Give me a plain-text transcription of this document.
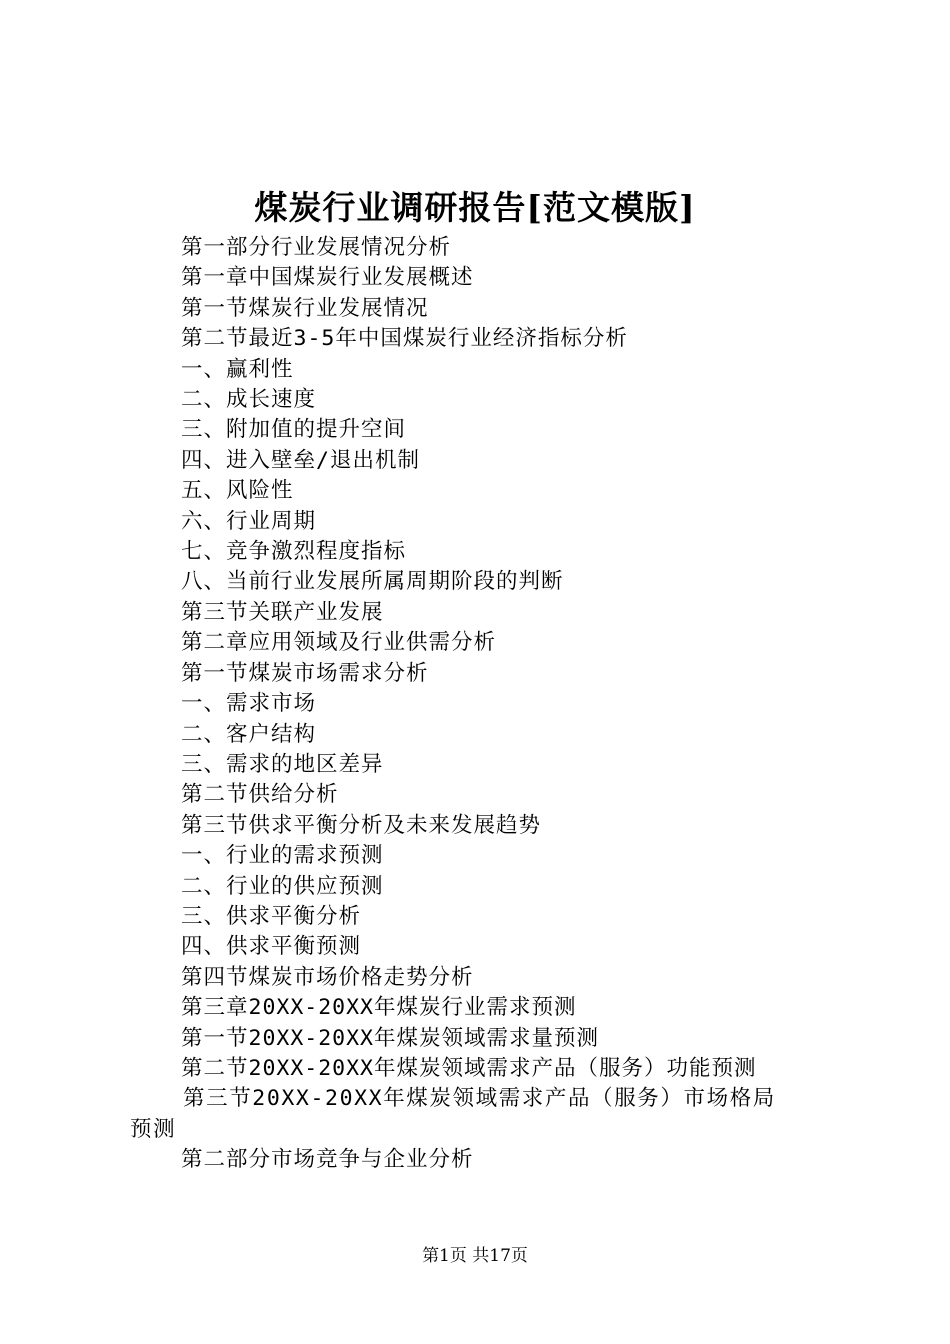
煤炭行业调研报告[范文模版]
第一部分行业发展情况分析
第一章中国煤炭行业发展概述
第一节煤炭行业发展情况
第二节最近3-5年中国煤炭行业经济指标分析
一、赢利性
二、成长速度
三、附加值的提升空间
四、进入壁垒/退出机制
五、风险性
六、行业周期
七、竞争激烈程度指标
八、当前行业发展所属周期阶段的判断
第三节关联产业发展
第二章应用领域及行业供需分析
第一节煤炭市场需求分析
一、需求市场
二、客户结构
三、需求的地区差异
第二节供给分析
第三节供求平衡分析及未来发展趋势
一、行业的需求预测
二、行业的供应预测
三、供求平衡分析
四、供求平衡预测
第四节煤炭市场价格走势分析
第三章20XX-20XX年煤炭行业需求预测
第一节20XX-20XX年煤炭领域需求量预测
第二节20XX-20XX年煤炭领域需求产品（服务）功能预测
第三节20XX-20XX年煤炭领域需求产品（服务）市场格局
预测
第二部分市场竞争与企业分析
第1页 共17页
